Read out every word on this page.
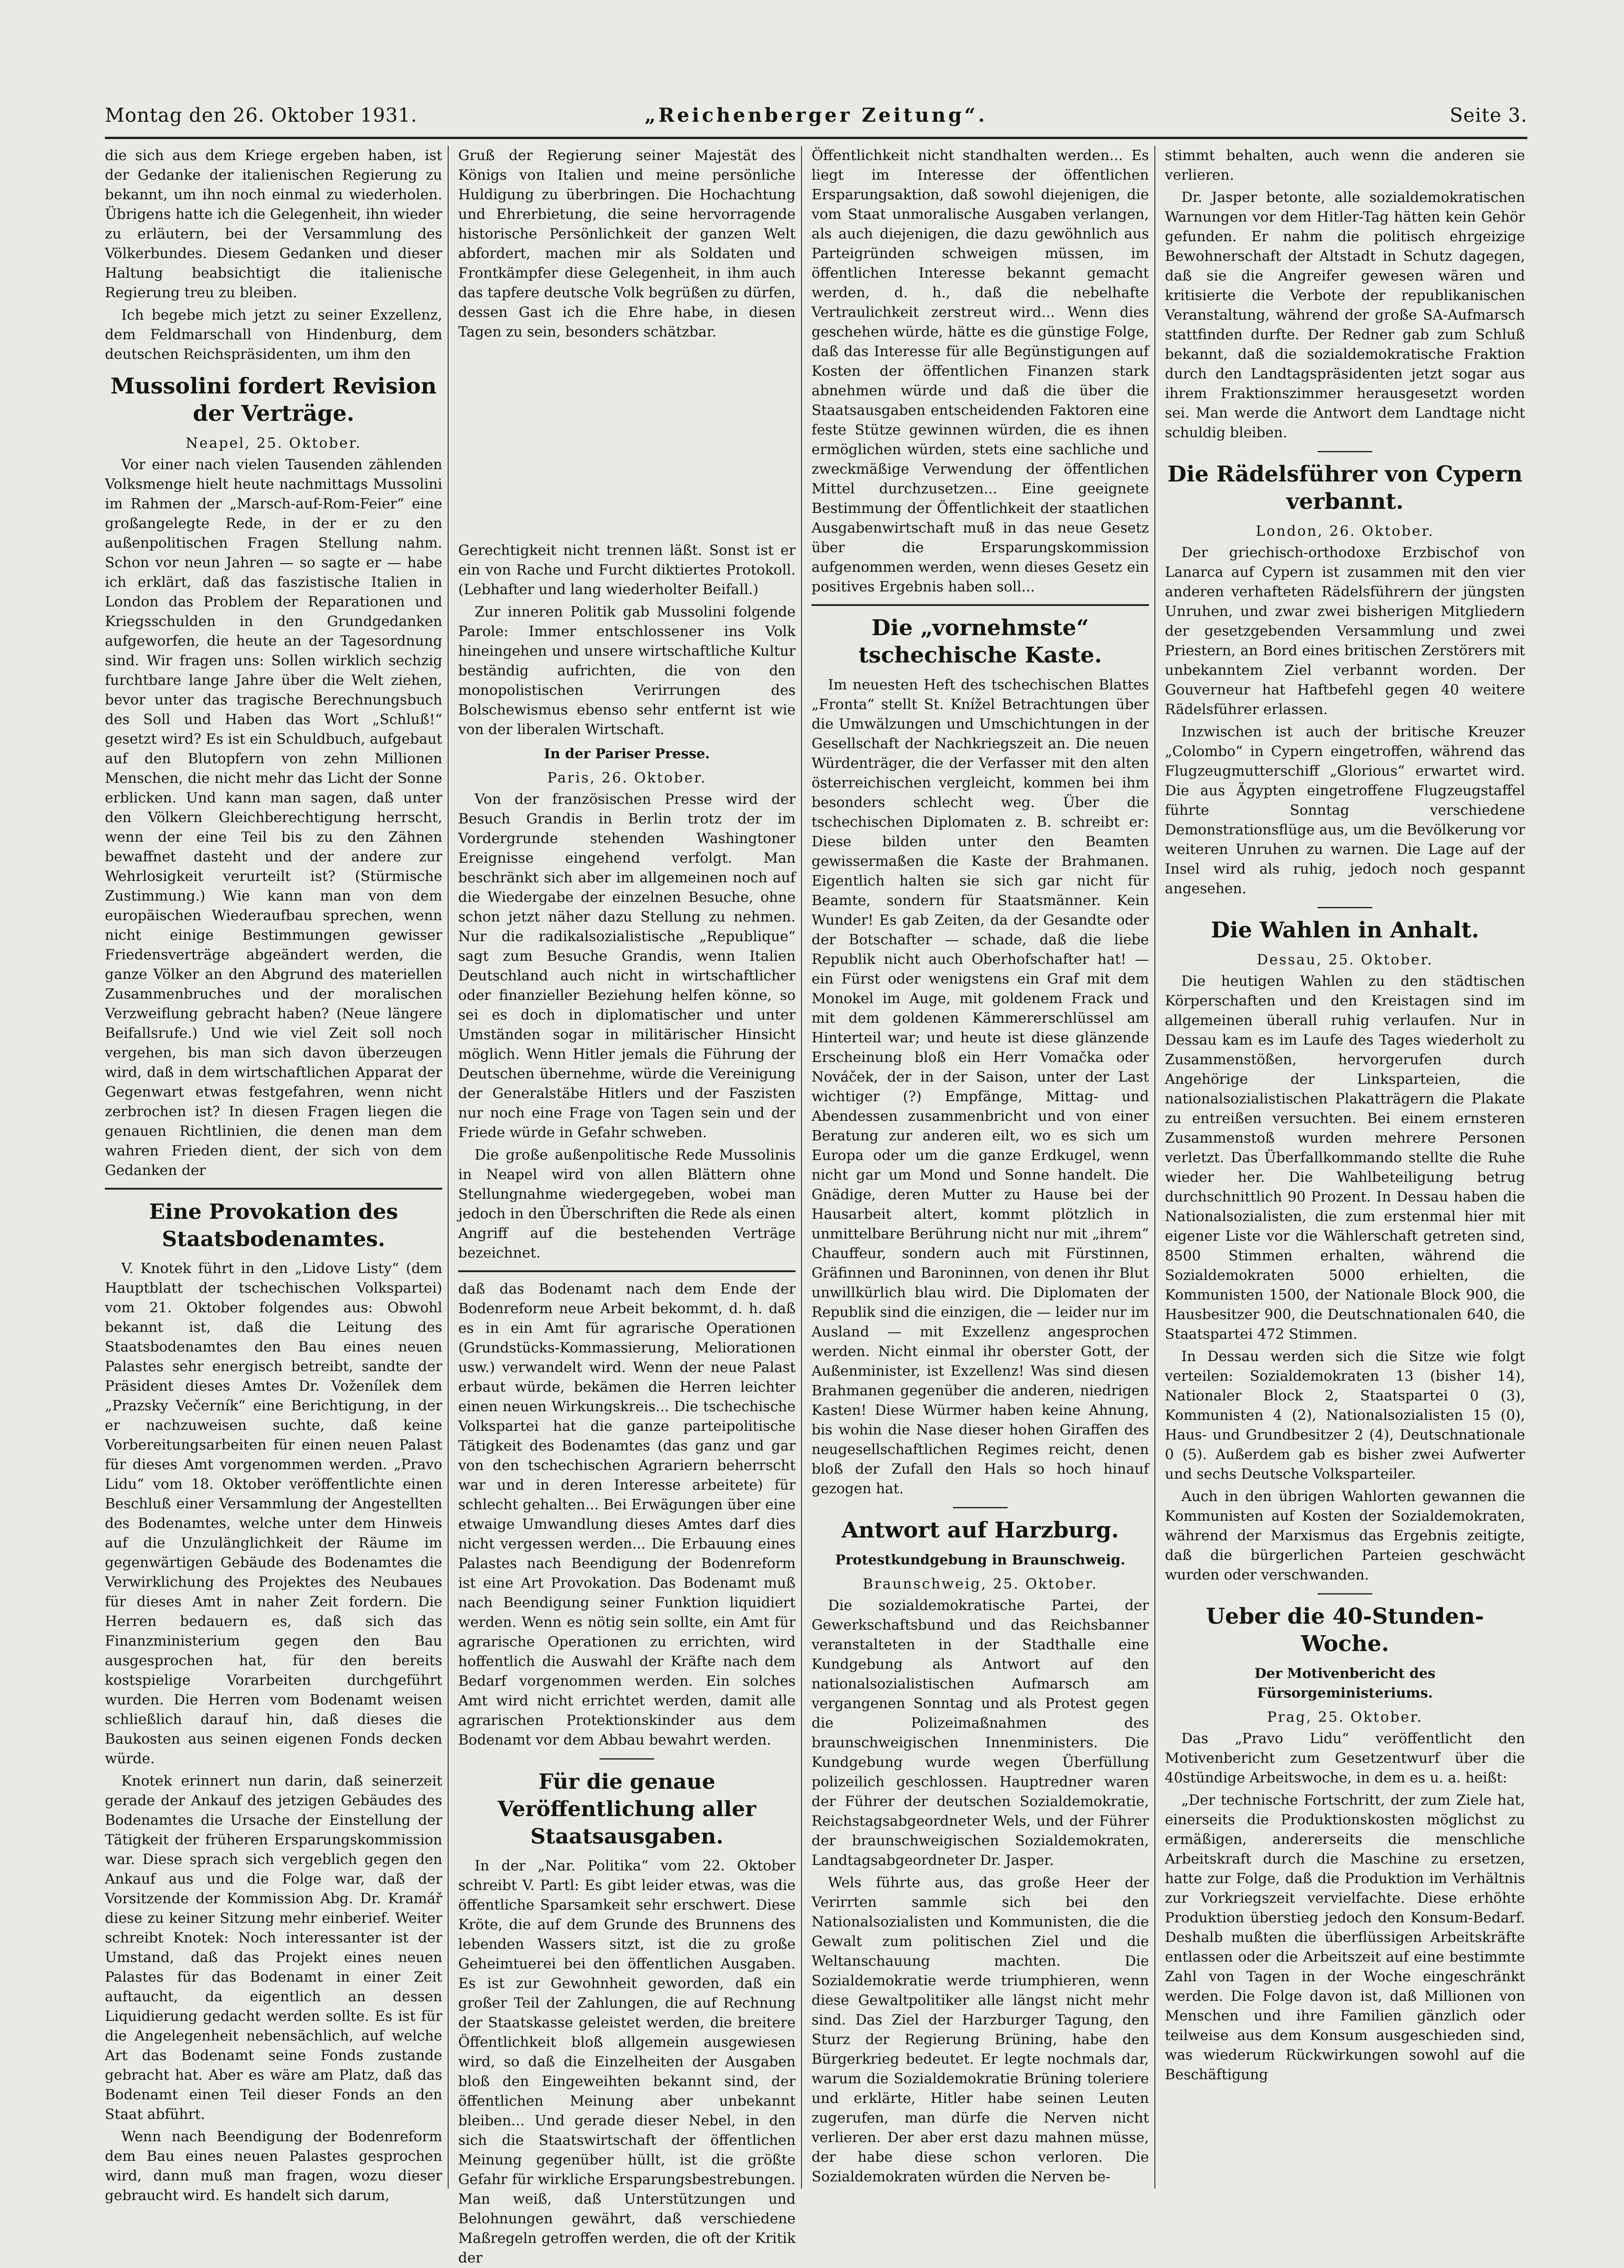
Montag den 26. Oktober 1931.	„Reichenberger Zeitung“.	Seite 3.

die sich aus dem Kriege ergeben haben, ist der Gedanke der italienischen Regierung zu bekannt, um ihn noch einmal zu wiederholen. Übrigens hatte ich die Gelegenheit, ihn wieder zu erläutern, bei der Versammlung des Völkerbundes. Diesem Gedanken und dieser Haltung beabsichtigt die italienische Regierung treu zu bleiben.

Ich begebe mich jetzt zu seiner Exzellenz, dem Feldmarschall von Hindenburg, dem deutschen Reichspräsidenten, um ihm den

Mussolini fordert Revision der Verträge.

Neapel, 25. Oktober.

Vor einer nach vielen Tausenden zählenden Volksmenge hielt heute nachmittags Mussolini im Rahmen der „Marsch-auf-Rom-Feier“ eine großangelegte Rede, in der er zu den außenpolitischen Fragen Stellung nahm. Schon vor neun Jahren — so sagte er — habe ich erklärt, daß das faszistische Italien in London das Problem der Reparationen und Kriegsschulden in den Grundgedanken aufgeworfen, die heute an der Tagesordnung sind. Wir fragen uns: Sollen wirklich sechzig furchtbare lange Jahre über die Welt ziehen, bevor unter das tragische Berechnungsbuch des Soll und Haben das Wort „Schluß!“ gesetzt wird? Es ist ein Schuldbuch, aufgebaut auf den Blutopfern von zehn Millionen Menschen, die nicht mehr das Licht der Sonne erblicken. Und kann man sagen, daß unter den Völkern Gleichberechtigung herrscht, wenn der eine Teil bis zu den Zähnen bewaffnet dasteht und der andere zur Wehrlosigkeit verurteilt ist? (Stürmische Zustimmung.) Wie kann man von dem europäischen Wiederaufbau sprechen, wenn nicht einige Bestimmungen gewisser Friedensverträge abgeändert werden, die ganze Völker an den Abgrund des materiellen Zusammenbruches und der moralischen Verzweiflung gebracht haben? (Neue längere Beifallsrufe.) Und wie viel Zeit soll noch vergehen, bis man sich davon überzeugen wird, daß in dem wirtschaftlichen Apparat der Gegenwart etwas festgefahren, wenn nicht zerbrochen ist? In diesen Fragen liegen die genauen Richtlinien, die denen man dem wahren Frieden dient, der sich von dem Gedanken der

Eine Provokation des Staatsbodenamtes.

V. Knotek führt in den „Lidove Listy“ (dem Hauptblatt der tschechischen Volkspartei) vom 21. Oktober folgendes aus: Obwohl bekannt ist, daß die Leitung des Staatsbodenamtes den Bau eines neuen Palastes sehr energisch betreibt, sandte der Präsident dieses Amtes Dr. Voženílek dem „Prazsky Večerník“ eine Berichtigung, in der er nachzuweisen suchte, daß keine Vorbereitungsarbeiten für einen neuen Palast für dieses Amt vorgenommen werden. „Pravo Lidu“ vom 18. Oktober veröffentlichte einen Beschluß einer Versammlung der Angestellten des Bodenamtes, welche unter dem Hinweis auf die Unzulänglichkeit der Räume im gegenwärtigen Gebäude des Bodenamtes die Verwirklichung des Projektes des Neubaues für dieses Amt in naher Zeit fordern. Die Herren bedauern es, daß sich das Finanzministerium gegen den Bau ausgesprochen hat, für den bereits kostspielige Vorarbeiten durchgeführt wurden. Die Herren vom Bodenamt weisen schließlich darauf hin, daß dieses die Baukosten aus seinen eigenen Fonds decken würde.

Knotek erinnert nun darin, daß seinerzeit gerade der Ankauf des jetzigen Gebäudes des Bodenamtes die Ursache der Einstellung der Tätigkeit der früheren Ersparungskommission war. Diese sprach sich vergeblich gegen den Ankauf aus und die Folge war, daß der Vorsitzende der Kommission Abg. Dr. Kramář diese zu keiner Sitzung mehr einberief. Weiter schreibt Knotek: Noch interessanter ist der Umstand, daß das Projekt eines neuen Palastes für das Bodenamt in einer Zeit auftaucht, da eigentlich an dessen Liquidierung gedacht werden sollte. Es ist für die Angelegenheit nebensächlich, auf welche Art das Bodenamt seine Fonds zustande gebracht hat. Aber es wäre am Platz, daß das Bodenamt einen Teil dieser Fonds an den Staat abführt.

Wenn nach Beendigung der Bodenreform dem Bau eines neuen Palastes gesprochen wird, dann muß man fragen, wozu dieser gebraucht wird. Es handelt sich darum,

Gruß der Regierung seiner Majestät des Königs von Italien und meine persönliche Huldigung zu überbringen. Die Hochachtung und Ehrerbietung, die seine hervorragende historische Persönlichkeit der ganzen Welt abfordert, machen mir als Soldaten und Frontkämpfer diese Gelegenheit, in ihm auch das tapfere deutsche Volk begrüßen zu dürfen, dessen Gast ich die Ehre habe, in diesen Tagen zu sein, besonders schätzbar.

Gerechtigkeit nicht trennen läßt. Sonst ist er ein von Rache und Furcht diktiertes Protokoll. (Lebhafter und lang wiederholter Beifall.)

Zur inneren Politik gab Mussolini folgende Parole: Immer entschlossener ins Volk hineingehen und unsere wirtschaftliche Kultur beständig aufrichten, die von den monopolistischen Verirrungen des Bolschewismus ebenso sehr entfernt ist wie von der liberalen Wirtschaft.

In der Pariser Presse.

Paris, 26. Oktober.

Von der französischen Presse wird der Besuch Grandis in Berlin trotz der im Vordergrunde stehenden Washingtoner Ereignisse eingehend verfolgt. Man beschränkt sich aber im allgemeinen noch auf die Wiedergabe der einzelnen Besuche, ohne schon jetzt näher dazu Stellung zu nehmen. Nur die radikalsozialistische „Republique“ sagt zum Besuche Grandis, wenn Italien Deutschland auch nicht in wirtschaftlicher oder finanzieller Beziehung helfen könne, so sei es doch in diplomatischer und unter Umständen sogar in militärischer Hinsicht möglich. Wenn Hitler jemals die Führung der Deutschen übernehme, würde die Vereinigung der Generalstäbe Hitlers und der Faszisten nur noch eine Frage von Tagen sein und der Friede würde in Gefahr schweben.

Die große außenpolitische Rede Mussolinis in Neapel wird von allen Blättern ohne Stellungnahme wiedergegeben, wobei man jedoch in den Überschriften die Rede als einen Angriff auf die bestehenden Verträge bezeichnet.

daß das Bodenamt nach dem Ende der Bodenreform neue Arbeit bekommt, d. h. daß es in ein Amt für agrarische Operationen (Grundstücks-Kommassierung, Meliorationen usw.) verwandelt wird. Wenn der neue Palast erbaut würde, bekämen die Herren leichter einen neuen Wirkungskreis... Die tschechische Volkspartei hat die ganze parteipolitische Tätigkeit des Bodenamtes (das ganz und gar von den tschechischen Agrariern beherrscht war und in deren Interesse arbeitete) für schlecht gehalten... Bei Erwägungen über eine etwaige Umwandlung dieses Amtes darf dies nicht vergessen werden... Die Erbauung eines Palastes nach Beendigung der Bodenreform ist eine Art Provokation. Das Bodenamt muß nach Beendigung seiner Funktion liquidiert werden. Wenn es nötig sein sollte, ein Amt für agrarische Operationen zu errichten, wird hoffentlich die Auswahl der Kräfte nach dem Bedarf vorgenommen werden. Ein solches Amt wird nicht errichtet werden, damit alle agrarischen Protektionskinder aus dem Bodenamt vor dem Abbau bewahrt werden.

Für die genaue Veröffentlichung aller Staatsausgaben.

In der „Nar. Politika“ vom 22. Oktober schreibt V. Partl: Es gibt leider etwas, was die öffentliche Sparsamkeit sehr erschwert. Diese Kröte, die auf dem Grunde des Brunnens des lebenden Wassers sitzt, ist die zu große Geheimtuerei bei den öffentlichen Ausgaben. Es ist zur Gewohnheit geworden, daß ein großer Teil der Zahlungen, die auf Rechnung der Staatskasse geleistet werden, die breitere Öffentlichkeit bloß allgemein ausgewiesen wird, so daß die Einzelheiten der Ausgaben bloß den Eingeweihten bekannt sind, der öffentlichen Meinung aber unbekannt bleiben... Und gerade dieser Nebel, in den sich die Staatswirtschaft der öffentlichen Meinung gegenüber hüllt, ist die größte Gefahr für wirkliche Ersparungsbestrebungen. Man weiß, daß Unterstützungen und Belohnungen gewährt, daß verschiedene Maßregeln getroffen werden, die oft der Kritik der

Öffentlichkeit nicht standhalten werden... Es liegt im Interesse der öffentlichen Ersparungsaktion, daß sowohl diejenigen, die vom Staat unmoralische Ausgaben verlangen, als auch diejenigen, die dazu gewöhnlich aus Parteigründen schweigen müssen, im öffentlichen Interesse bekannt gemacht werden, d. h., daß die nebelhafte Vertraulichkeit zerstreut wird... Wenn dies geschehen würde, hätte es die günstige Folge, daß das Interesse für alle Begünstigungen auf Kosten der öffentlichen Finanzen stark abnehmen würde und daß die über die Staatsausgaben entscheidenden Faktoren eine feste Stütze gewinnen würden, die es ihnen ermöglichen würden, stets eine sachliche und zweckmäßige Verwendung der öffentlichen Mittel durchzusetzen... Eine geeignete Bestimmung der Öffentlichkeit der staatlichen Ausgabenwirtschaft muß in das neue Gesetz über die Ersparungskommission aufgenommen werden, wenn dieses Gesetz ein positives Ergebnis haben soll...

Die „vornehmste“ tschechische Kaste.

Im neuesten Heft des tschechischen Blattes „Fronta“ stellt St. Knížel Betrachtungen über die Umwälzungen und Umschichtungen in der Gesellschaft der Nachkriegszeit an. Die neuen Würdenträger, die der Verfasser mit den alten österreichischen vergleicht, kommen bei ihm besonders schlecht weg. Über die tschechischen Diplomaten z. B. schreibt er: Diese bilden unter den Beamten gewissermaßen die Kaste der Brahmanen. Eigentlich halten sie sich gar nicht für Beamte, sondern für Staatsmänner. Kein Wunder! Es gab Zeiten, da der Gesandte oder der Botschafter — schade, daß die liebe Republik nicht auch Oberhofschafter hat! — ein Fürst oder wenigstens ein Graf mit dem Monokel im Auge, mit goldenem Frack und mit dem goldenen Kämmererschlüssel am Hinterteil war; und heute ist diese glänzende Erscheinung bloß ein Herr Vomačka oder Nováček, der in der Saison, unter der Last wichtiger (?) Empfänge, Mittag- und Abendessen zusammenbricht und von einer Beratung zur anderen eilt, wo es sich um Europa oder um die ganze Erdkugel, wenn nicht gar um Mond und Sonne handelt. Die Gnädige, deren Mutter zu Hause bei der Hausarbeit altert, kommt plötzlich in unmittelbare Berührung nicht nur mit „ihrem“ Chauffeur, sondern auch mit Fürstinnen, Gräfinnen und Baroninnen, von denen ihr Blut unwillkürlich blau wird. Die Diplomaten der Republik sind die einzigen, die — leider nur im Ausland — mit Exzellenz angesprochen werden. Nicht einmal ihr oberster Gott, der Außenminister, ist Exzellenz! Was sind diesen Brahmanen gegenüber die anderen, niedrigen Kasten! Diese Würmer haben keine Ahnung, bis wohin die Nase dieser hohen Giraffen des neugesellschaftlichen Regimes reicht, denen bloß der Zufall den Hals so hoch hinauf gezogen hat.

Antwort auf Harzburg.

Protestkundgebung in Braunschweig.

Braunschweig, 25. Oktober.

Die sozialdemokratische Partei, der Gewerkschaftsbund und das Reichsbanner veranstalteten in der Stadthalle eine Kundgebung als Antwort auf den nationalsozialistischen Aufmarsch am vergangenen Sonntag und als Protest gegen die Polizeimaßnahmen des braunschweigischen Innenministers. Die Kundgebung wurde wegen Überfüllung polizeilich geschlossen. Hauptredner waren der Führer der deutschen Sozialdemokratie, Reichstagsabgeordneter Wels, und der Führer der braunschweigischen Sozialdemokraten, Landtagsabgeordneter Dr. Jasper.

Wels führte aus, das große Heer der Verirrten sammle sich bei den Nationalsozialisten und Kommunisten, die die Gewalt zum politischen Ziel und die Weltanschauung machten. Die Sozialdemokratie werde triumphieren, wenn diese Gewaltpolitiker alle längst nicht mehr sind. Das Ziel der Harzburger Tagung, den Sturz der Regierung Brüning, habe den Bürgerkrieg bedeutet. Er legte nochmals dar, warum die Sozialdemokratie Brüning toleriere und erklärte, Hitler habe seinen Leuten zugerufen, man dürfe die Nerven nicht verlieren. Der aber erst dazu mahnen müsse, der habe diese schon verloren. Die Sozialdemokraten würden die Nerven be-

stimmt behalten, auch wenn die anderen sie verlieren.

Dr. Jasper betonte, alle sozialdemokratischen Warnungen vor dem Hitler-Tag hätten kein Gehör gefunden. Er nahm die politisch ehrgeizige Bewohnerschaft der Altstadt in Schutz dagegen, daß sie die Angreifer gewesen wären und kritisierte die Verbote der republikanischen Veranstaltung, während der große SA-Aufmarsch stattfinden durfte. Der Redner gab zum Schluß bekannt, daß die sozialdemokratische Fraktion durch den Landtagspräsidenten jetzt sogar aus ihrem Fraktionszimmer herausgesetzt worden sei. Man werde die Antwort dem Landtage nicht schuldig bleiben.

Die Rädelsführer von Cypern verbannt.

London, 26. Oktober.

Der griechisch-orthodoxe Erzbischof von Lanarca auf Cypern ist zusammen mit den vier anderen verhafteten Rädelsführern der jüngsten Unruhen, und zwar zwei bisherigen Mitgliedern der gesetzgebenden Versammlung und zwei Priestern, an Bord eines britischen Zerstörers mit unbekanntem Ziel verbannt worden. Der Gouverneur hat Haftbefehl gegen 40 weitere Rädelsführer erlassen.

Inzwischen ist auch der britische Kreuzer „Colombo“ in Cypern eingetroffen, während das Flugzeugmutterschiff „Glorious“ erwartet wird. Die aus Ägypten eingetroffene Flugzeugstaffel führte Sonntag verschiedene Demonstrationsflüge aus, um die Bevölkerung vor weiteren Unruhen zu warnen. Die Lage auf der Insel wird als ruhig, jedoch noch gespannt angesehen.

Die Wahlen in Anhalt.

Dessau, 25. Oktober.

Die heutigen Wahlen zu den städtischen Körperschaften und den Kreistagen sind im allgemeinen überall ruhig verlaufen. Nur in Dessau kam es im Laufe des Tages wiederholt zu Zusammenstößen, hervorgerufen durch Angehörige der Linksparteien, die nationalsozialistischen Plakatträgern die Plakate zu entreißen versuchten. Bei einem ernsteren Zusammenstoß wurden mehrere Personen verletzt. Das Überfallkommando stellte die Ruhe wieder her. Die Wahlbeteiligung betrug durchschnittlich 90 Prozent. In Dessau haben die Nationalsozialisten, die zum erstenmal hier mit eigener Liste vor die Wählerschaft getreten sind, 8500 Stimmen erhalten, während die Sozialdemokraten 5000 erhielten, die Kommunisten 1500, der Nationale Block 900, die Hausbesitzer 900, die Deutschnationalen 640, die Staatspartei 472 Stimmen.

In Dessau werden sich die Sitze wie folgt verteilen: Sozialdemokraten 13 (bisher 14), Nationaler Block 2, Staatspartei 0 (3), Kommunisten 4 (2), Nationalsozialisten 15 (0), Haus- und Grundbesitzer 2 (4), Deutschnationale 0 (5). Außerdem gab es bisher zwei Aufwerter und sechs Deutsche Volksparteiler.

Auch in den übrigen Wahlorten gewannen die Kommunisten auf Kosten der Sozialdemokraten, während der Marxismus das Ergebnis zeitigte, daß die bürgerlichen Parteien geschwächt wurden oder verschwanden.

Ueber die 40-Stunden-Woche.

Der Motivenbericht des Fürsorgeministeriums.

Prag, 25. Oktober.

Das „Pravo Lidu“ veröffentlicht den Motivenbericht zum Gesetzentwurf über die 40stündige Arbeitswoche, in dem es u. a. heißt:

„Der technische Fortschritt, der zum Ziele hat, einerseits die Produktionskosten möglichst zu ermäßigen, andererseits die menschliche Arbeitskraft durch die Maschine zu ersetzen, hatte zur Folge, daß die Produktion im Verhältnis zur Vorkriegszeit vervielfachte. Diese erhöhte Produktion überstieg jedoch den Konsum-Bedarf. Deshalb mußten die überflüssigen Arbeitskräfte entlassen oder die Arbeitszeit auf eine bestimmte Zahl von Tagen in der Woche eingeschränkt werden. Die Folge davon ist, daß Millionen von Menschen und ihre Familien gänzlich oder teilweise aus dem Konsum ausgeschieden sind, was wiederum Rückwirkungen sowohl auf die Beschäftigung
